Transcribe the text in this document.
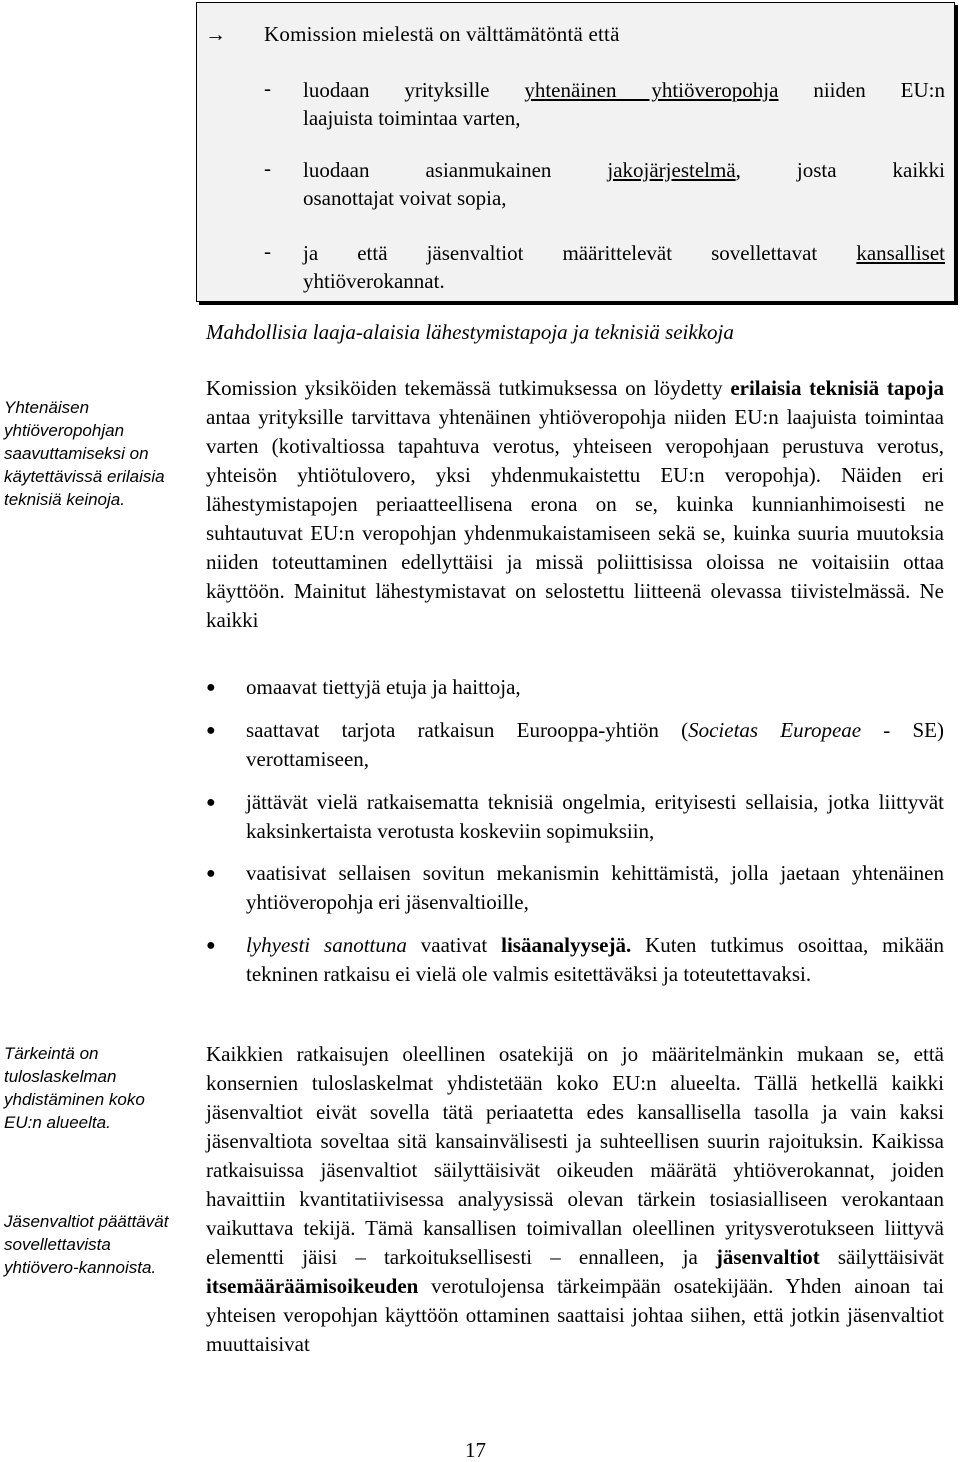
→ Komission mielestä on välttämätöntä että
- luodaan yrityksille yhtenäinen yhtiöveropohja niiden EU:n
laajuista toimintaa varten,
- luodaan asianmukainen jakojärjestelmä, josta kaikki
osanottajat voivat sopia,
- ja että jäsenvaltiot määrittelevät sovellettavat kansalliset
yhtiöverokannat.
Mahdollisia laaja-alaisia lähestymistapoja ja teknisiä seikkoja
Yhtenäisen yhtiöveropohjan saavuttamiseksi on käytettävissä erilaisia teknisiä keinoja.
Tärkeintä on tuloslaskelman yhdistäminen koko EU:n alueelta.
Jäsenvaltiot päättävät sovellettavista yhtiövero-kannoista.

Komission yksiköiden tekemässä tutkimuksessa on löydetty erilaisia teknisiä tapoja antaa yrityksille tarvittava yhtenäinen yhtiöveropohja niiden EU:n laajuista toimintaa varten (kotivaltiossa tapahtuva verotus, yhteiseen veropohjaan perustuva verotus, yhteisön yhtiötulovero, yksi yhdenmukaistettu EU:n veropohja). Näiden eri lähestymistapojen periaatteellisena erona on se, kuinka kunnianhimoisesti ne suhtautuvat EU:n veropohjan yhdenmukaistamiseen sekä se, kuinka suuria muutoksia niiden toteuttaminen edellyttäisi ja missä poliittisissa oloissa ne voitaisiin ottaa käyttöön. Mainitut lähestymistavat on selostettu liitteenä olevassa tiivistelmässä. Ne kaikki

● omaavat tiettyjä etuja ja haittoja,
● saattavat tarjota ratkaisun Eurooppa-yhtiön (Societas Europeae - SE) verottamiseen,
● jättävät vielä ratkaisematta teknisiä ongelmia, erityisesti sellaisia, jotka liittyvät kaksinkertaista verotusta koskeviin sopimuksiin,
● vaatisivat sellaisen sovitun mekanismin kehittämistä, jolla jaetaan yhtenäinen yhtiöveropohja eri jäsenvaltioille,
● lyhyesti sanottuna vaativat lisäanalyysejä. Kuten tutkimus osoittaa, mikään tekninen ratkaisu ei vielä ole valmis esitettäväksi ja toteutettavaksi.

Kaikkien ratkaisujen oleellinen osatekijä on jo määritelmänkin mukaan se, että konsernien tuloslaskelmat yhdistetään koko EU:n alueelta. Tällä hetkellä kaikki jäsenvaltiot eivät sovella tätä periaatetta edes kansallisella tasolla ja vain kaksi jäsenvaltiota soveltaa sitä kansainvälisesti ja suhteellisen suurin rajoituksin. Kaikissa ratkaisuissa jäsenvaltiot säilyttäisivät oikeuden määrätä yhtiöverokannat, joiden havaittiin kvantitatiivisessa analyysissä olevan tärkein tosiasialliseen verokantaan vaikuttava tekijä. Tämä kansallisen toimivallan oleellinen yritysverotukseen liittyvä elementti jäisi – tarkoituksellisesti – ennalleen, ja jäsenvaltiot säilyttäisivät itsemääräämisoikeuden verotulojensa tärkeimpään osatekijään. Yhden ainoan tai yhteisen veropohjan käyttöön ottaminen saattaisi johtaa siihen, että jotkin jäsenvaltiot muuttaisivat

17
